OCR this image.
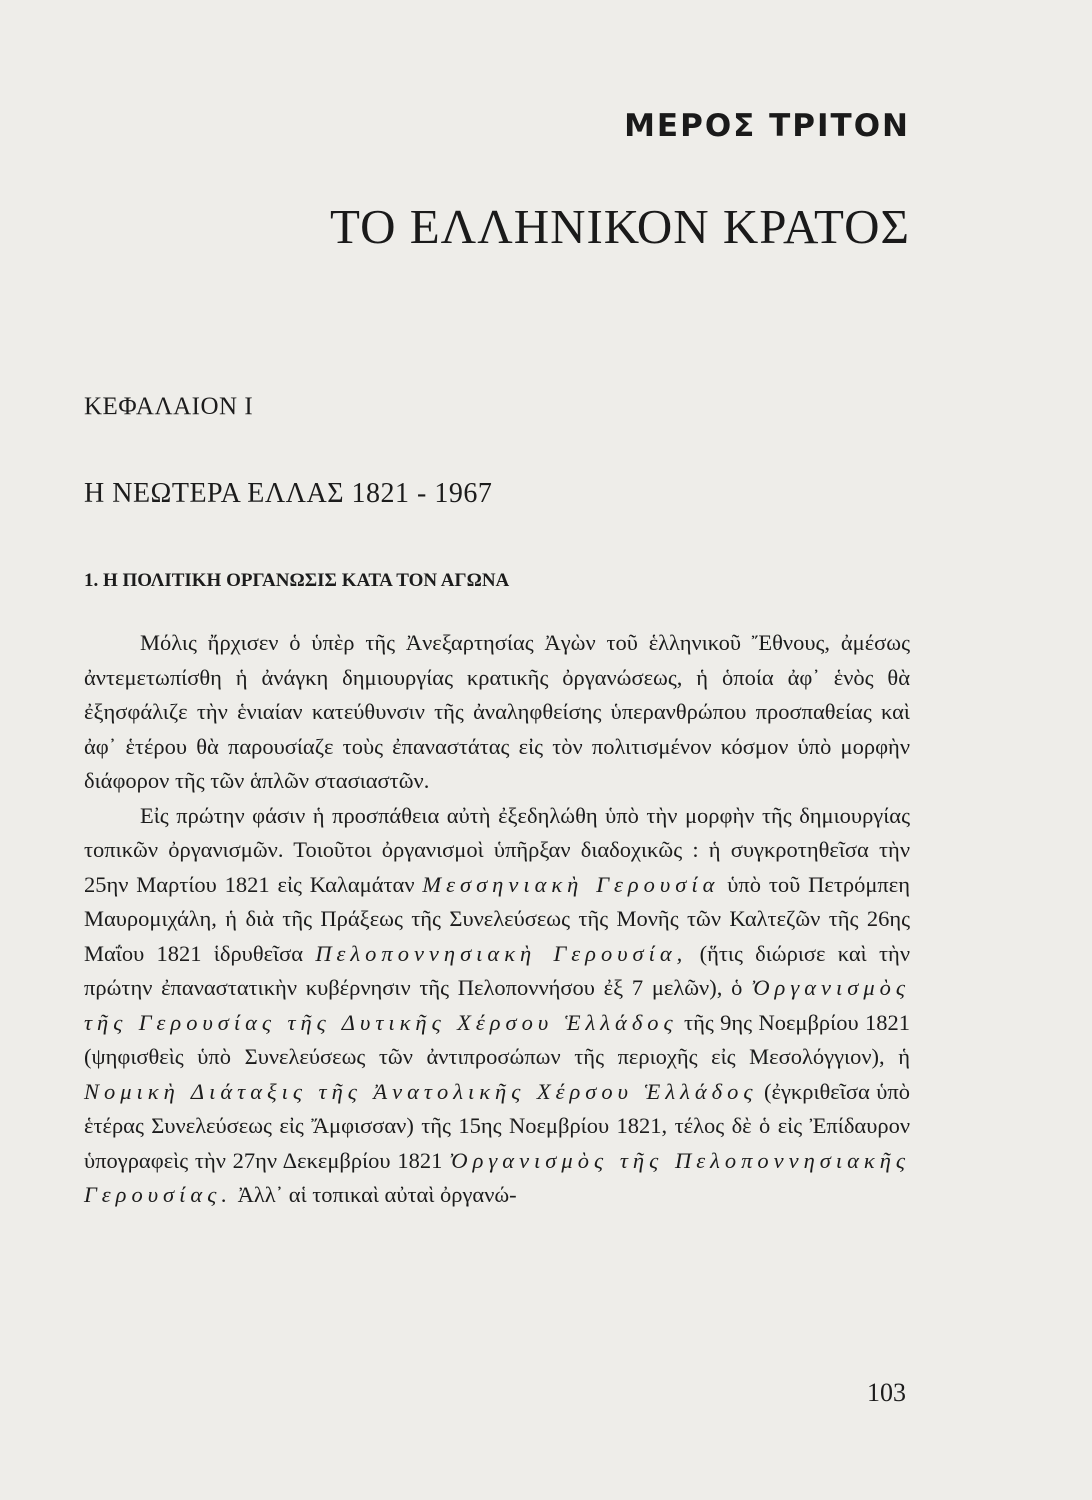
ΜΕΡΟΣ ΤΡΙΤΟΝ
ΤΟ ΕΛΛΗΝΙΚΟΝ ΚΡΑΤΟΣ
ΚΕΦΑΛΑΙΟΝ Ι
Η ΝΕΩΤΕΡΑ ΕΛΛΑΣ 1821 - 1967
1. Η ΠΟΛΙΤΙΚΗ ΟΡΓΑΝΩΣΙΣ ΚΑΤΑ ΤΟΝ ΑΓΩΝΑ

Μόλις ἤρχισεν ὁ ὑπὲρ τῆς Ἀνεξαρτησίας Ἀγὼν τοῦ ἑλληνικοῦ Ἔθνους, ἀμέσως ἀντεμετωπίσθη ἡ ἀνάγκη δημιουργίας κρατικῆς ὀργανώσεως, ἡ ὁποία ἀφ᾽ ἑνὸς θὰ ἐξησφάλιζε τὴν ἑνιαίαν κατεύθυνσιν τῆς ἀναληφθείσης ὑπερανθρώπου προσπαθείας καὶ ἀφ᾽ ἑτέρου θὰ παρουσίαζε τοὺς ἐπαναστάτας εἰς τὸν πολιτισμένον κόσμον ὑπὸ μορφὴν διάφορον τῆς τῶν ἁπλῶν στασιαστῶν.

Εἰς πρώτην φάσιν ἡ προσπάθεια αὐτὴ ἐξεδηλώθη ὑπὸ τὴν μορφὴν τῆς δημιουργίας τοπικῶν ὀργανισμῶν. Τοιοῦτοι ὀργανισμοὶ ὑπῆρξαν διαδοχικῶς : ἡ συγκροτηθεῖσα τὴν 25ην Μαρτίου 1821 εἰς Καλαμάταν Μεσσηνιακὴ Γερουσία ὑπὸ τοῦ Πετρόμπεη Μαυρομιχάλη, ἡ διὰ τῆς Πράξεως τῆς Συνελεύσεως τῆς Μονῆς τῶν Καλτεζῶν τῆς 26ης Μαΐου 1821 ἱδρυθεῖσα Πελοποννησιακὴ Γερουσία, (ἥτις διώρισε καὶ τὴν πρώτην ἐπαναστατικὴν κυβέρνησιν τῆς Πελοποννήσου ἐξ 7 μελῶν), ὁ Ὀργανισμὸς τῆς Γερουσίας τῆς Δυτικῆς Χέρσου Ἑλλάδος τῆς 9ης Νοεμβρίου 1821 (ψηφισθεὶς ὑπὸ Συνελεύσεως τῶν ἀντιπροσώπων τῆς περιοχῆς εἰς Μεσολόγγιον), ἡ Νομικὴ Διάταξις τῆς Ἀνατολικῆς Χέρσου Ἑλλάδος (ἐγκριθεῖσα ὑπὸ ἑτέρας Συνελεύσεως εἰς Ἄμφισσαν) τῆς 15ης Νοεμβρίου 1821, τέλος δὲ ὁ εἰς Ἐπίδαυρον ὑπογραφεὶς τὴν 27ην Δεκεμβρίου 1821 Ὀργανισμὸς τῆς Πελοποννησιακῆς Γερουσίας. Ἀλλ᾽ αἱ τοπικαὶ αὐταὶ ὀργανώ-

103
